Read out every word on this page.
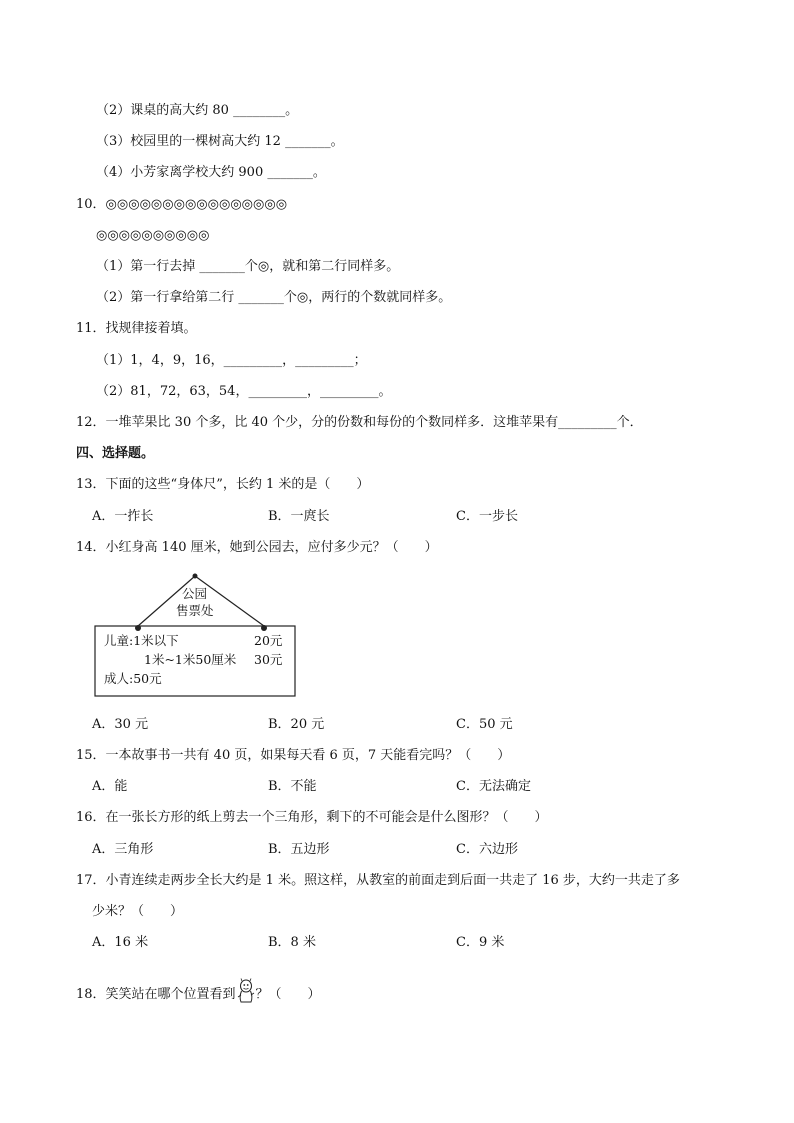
（2）课桌的高大约 80 ________。
（3）校园里的一棵树高大约 12 _______。
（4）小芳家离学校大约 900 _______。
10．◎◎◎◎◎◎◎◎◎◎◎◎◎◎◎◎
◎◎◎◎◎◎◎◎◎◎
（1）第一行去掉 _______个◎，就和第二行同样多。
（2）第一行拿给第二行 _______个◎，两行的个数就同样多。
11．找规律接着填。
（1）1，4，9，16，_________，_________；
（2）81，72，63，54，_________，_________。
12．一堆苹果比 30 个多，比 40 个少，分的份数和每份的个数同样多．这堆苹果有_________个．
四、选择题。
13．下面的这些“身体尺”，长约 1 米的是（　　）
A．一拃长	B．一庹长	C．一步长
14．小红身高 140 厘米，她到公园去，应付多少元？（　　）
公园
售票处
儿童:1米以下	20元
1米~1米50厘米 30元
成人:50元
A．30 元	B．20 元	C．50 元
15．一本故事书一共有 40 页，如果每天看 6 页，7 天能看完吗？（　　）
A．能	B．不能	C．无法确定
16．在一张长方形的纸上剪去一个三角形，剩下的不可能会是什么图形？（　　）
A．三角形	B．五边形	C．六边形
17．小青连续走两步全长大约是 1 米。照这样，从教室的前面走到后面一共走了 16 步，大约一共走了多
少米？（　　）
A．16 米	B．8 米	C．9 米
18．笑笑站在哪个位置看到 ？（　　）
